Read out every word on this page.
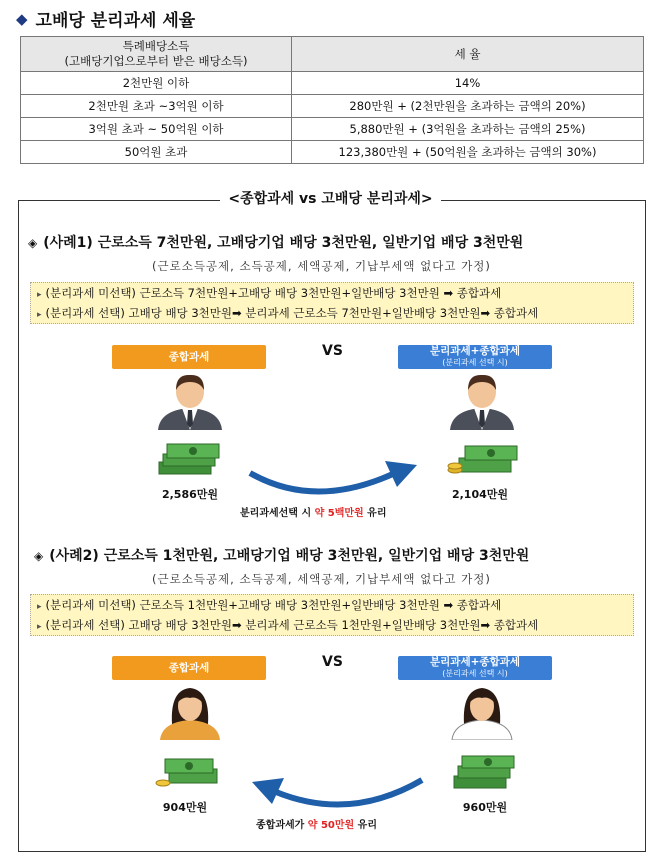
◆ 고배당 분리과세 세율
특례배당소득
(고배당기업으로부터 받은 배당소득)	세 율
2천만원 이하	14%
2천만원 초과 ~3억원 이하	280만원 + (2천만원을 초과하는 금액의 20%)
3억원 초과 ~ 50억원 이하	5,880만원 + (3억원을 초과하는 금액의 25%)
50억원 초과	123,380만원 + (50억원을 초과하는 금액의 30%)
<종합과세 vs 고배당 분리과세>
◈ (사례1) 근로소득 7천만원, 고배당기업 배당 3천만원, 일반기업 배당 3천만원
(근로소득공제, 소득공제, 세액공제, 기납부세액 없다고 가정)
▸ (분리과세 미선택) 근로소득 7천만원+고배당 배당 3천만원+일반배당 3천만원 ➡ 종합과세
▸ (분리과세 선택) 고배당 배당 3천만원➡ 분리과세 근로소득 7천만원+일반배당 3천만원➡ 종합과세
종합과세	VS	분리과세+종합과세
(분리과세 선택 시)
2,586만원	2,104만원
분리과세선택 시 약 5백만원 유리
◈ (사례2) 근로소득 1천만원, 고배당기업 배당 3천만원, 일반기업 배당 3천만원
(근로소득공제, 소득공제, 세액공제, 기납부세액 없다고 가정)
▸ (분리과세 미선택) 근로소득 1천만원+고배당 배당 3천만원+일반배당 3천만원 ➡ 종합과세
▸ (분리과세 선택) 고배당 배당 3천만원➡ 분리과세 근로소득 1천만원+일반배당 3천만원➡ 종합과세
종합과세	VS	분리과세+종합과세
(분리과세 선택 시)
904만원	960만원
종합과세가 약 50만원 유리
